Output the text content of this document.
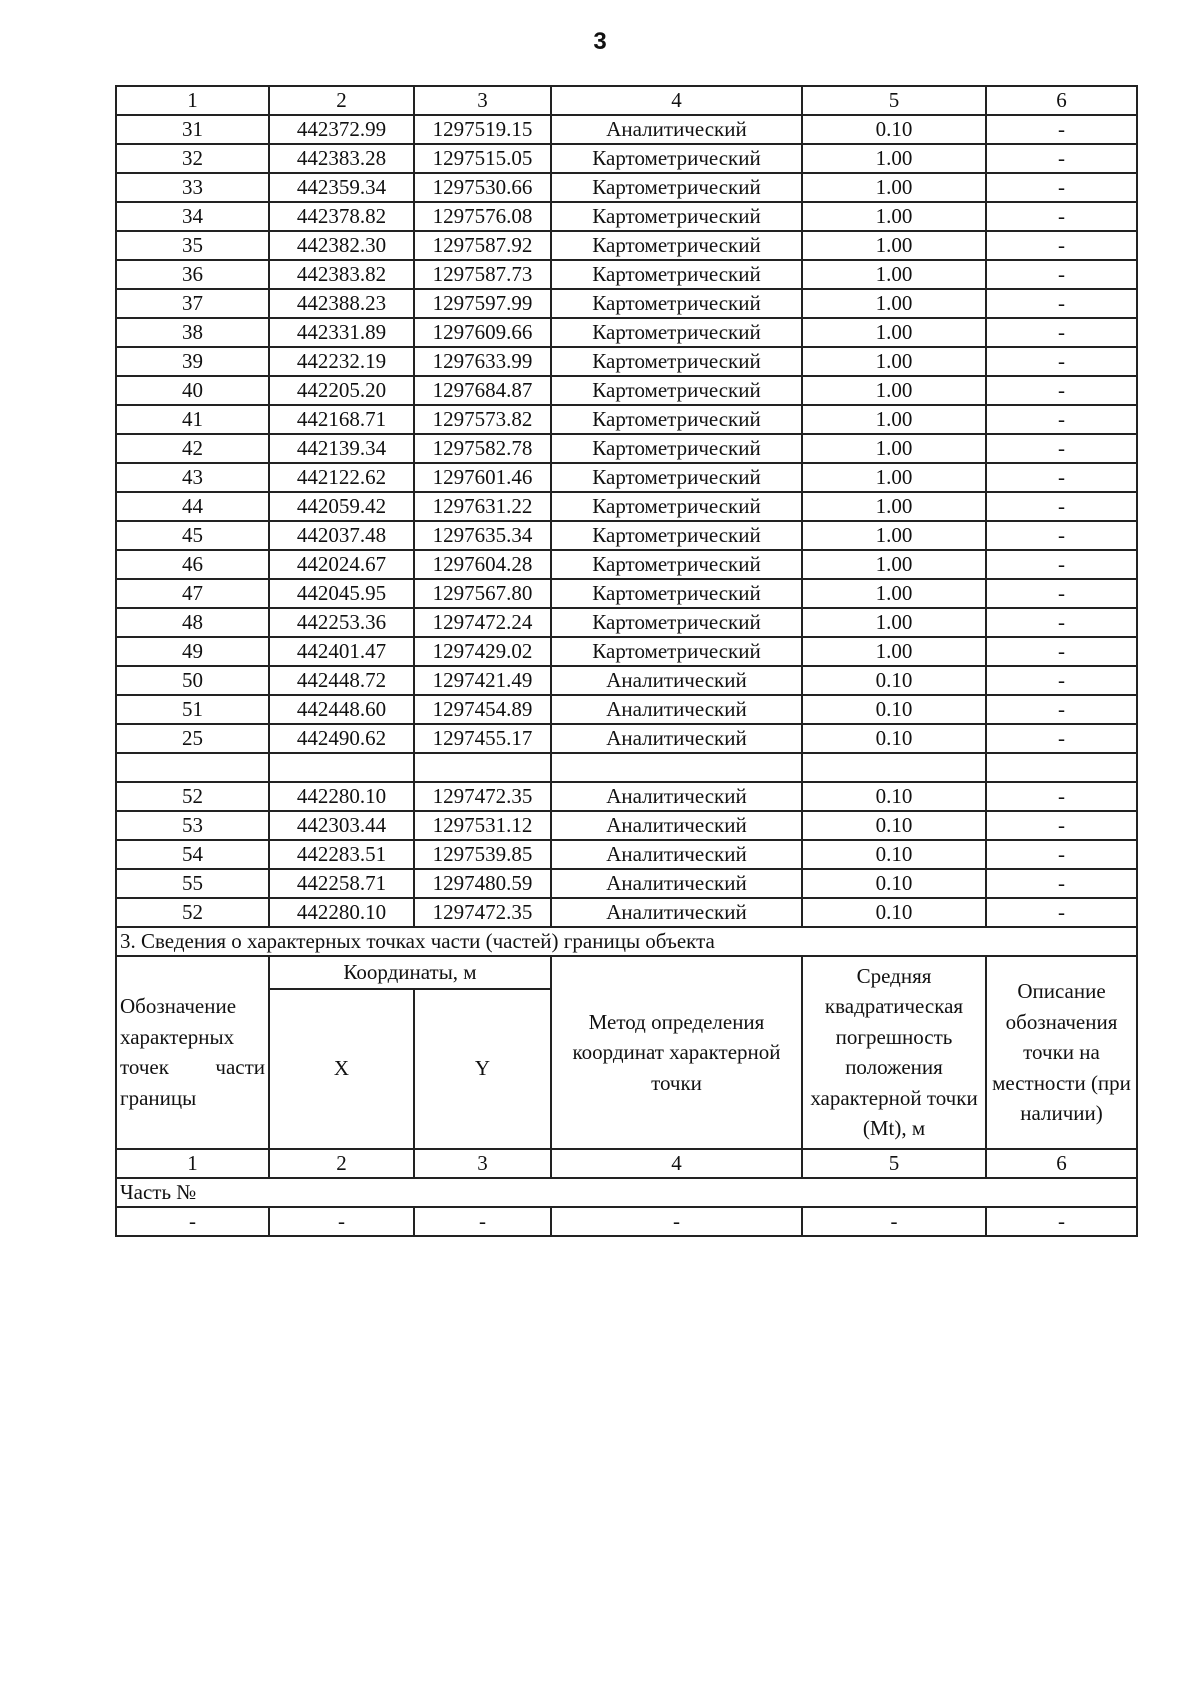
3
1	2	3	4	5	6
31	442372.99	1297519.15	Аналитический	0.10	-
32	442383.28	1297515.05	Картометрический	1.00	-
33	442359.34	1297530.66	Картометрический	1.00	-
34	442378.82	1297576.08	Картометрический	1.00	-
35	442382.30	1297587.92	Картометрический	1.00	-
36	442383.82	1297587.73	Картометрический	1.00	-
37	442388.23	1297597.99	Картометрический	1.00	-
38	442331.89	1297609.66	Картометрический	1.00	-
39	442232.19	1297633.99	Картометрический	1.00	-
40	442205.20	1297684.87	Картометрический	1.00	-
41	442168.71	1297573.82	Картометрический	1.00	-
42	442139.34	1297582.78	Картометрический	1.00	-
43	442122.62	1297601.46	Картометрический	1.00	-
44	442059.42	1297631.22	Картометрический	1.00	-
45	442037.48	1297635.34	Картометрический	1.00	-
46	442024.67	1297604.28	Картометрический	1.00	-
47	442045.95	1297567.80	Картометрический	1.00	-
48	442253.36	1297472.24	Картометрический	1.00	-
49	442401.47	1297429.02	Картометрический	1.00	-
50	442448.72	1297421.49	Аналитический	0.10	-
51	442448.60	1297454.89	Аналитический	0.10	-
25	442490.62	1297455.17	Аналитический	0.10	-

52	442280.10	1297472.35	Аналитический	0.10	-
53	442303.44	1297531.12	Аналитический	0.10	-
54	442283.51	1297539.85	Аналитический	0.10	-
55	442258.71	1297480.59	Аналитический	0.10	-
52	442280.10	1297472.35	Аналитический	0.10	-
3. Сведения о характерных точках части (частей) границы объекта					
Обозначение характерных точек части границы	Координаты, м		Метод определения координат характерной точки	Средняя квадратическая погрешность положения характерной точки (Mt), м	Описание обозначения точки на местности (при наличии)
	X	Y			
1	2	3	4	5	6
Часть №					
-	-	-	-	-	-
